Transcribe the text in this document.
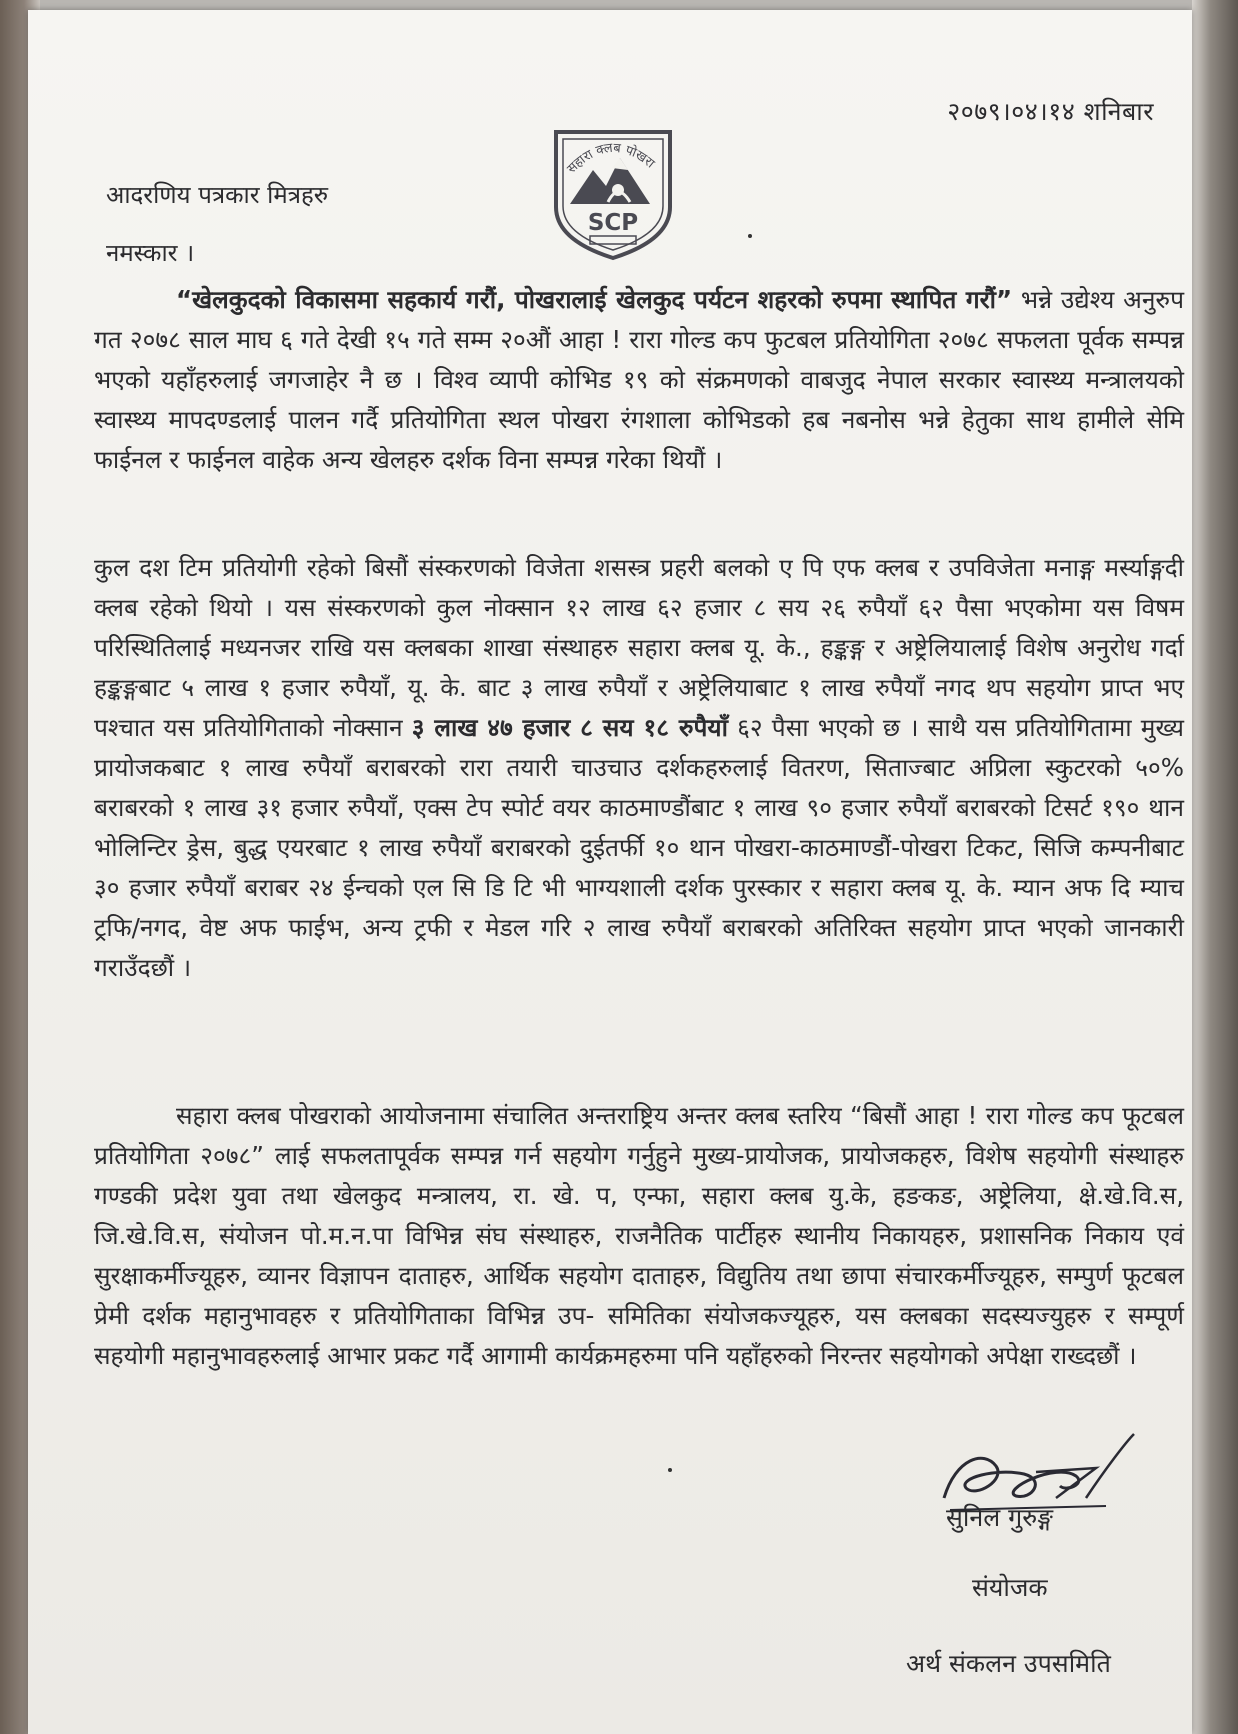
२०७९।०४।१४ शनिबार
सहारा क्लब पोखरा
SCP
आदरणिय पत्रकार मित्रहरु
नमस्कार ।

“खेलकुदको विकासमा सहकार्य गरौं, पोखरालाई खेलकुद पर्यटन शहरको रुपमा स्थापित गरौं” भन्ने उद्येश्य अनुरुप गत २०७८ साल माघ ६ गते देखी १५ गते सम्म २०औं आहा ! रारा गोल्ड कप फुटबल प्रतियोगिता २०७८ सफलता पूर्वक सम्पन्न भएको यहाँहरुलाई जगजाहेर नै छ । विश्व व्यापी कोभिड १९ को संक्रमणको वाबजुद नेपाल सरकार स्वास्थ्य मन्त्रालयको स्वास्थ्य मापदण्डलाई पालन गर्दै प्रतियोगिता स्थल पोखरा रंगशाला कोभिडको हब नबनोस भन्ने हेतुका साथ हामीले सेमि फाईनल र फाईनल वाहेक अन्य खेलहरु दर्शक विना सम्पन्न गरेका थियौं ।

कुल दश टिम प्रतियोगी रहेको बिसौं संस्करणको विजेता शसस्त्र प्रहरी बलको ए पि एफ क्लब र उपविजेता मनाङ्ग मर्स्याङ्गदी क्लब रहेको थियो । यस संस्करणको कुल नोक्सान १२ लाख ६२ हजार ८ सय २६ रुपैयाँ ६२ पैसा भएकोमा यस विषम परिस्थितिलाई मध्यनजर राखि यस क्लबका शाखा संस्थाहरु सहारा क्लब यू. के., हङ्कङ्ग र अष्ट्रेलियालाई विशेष अनुरोध गर्दा हङ्कङ्गबाट ५ लाख १ हजार रुपैयाँ, यू. के. बाट ३ लाख रुपैयाँ र अष्ट्रेलियाबाट १ लाख रुपैयाँ नगद थप सहयोग प्राप्त भए पश्चात यस प्रतियोगिताको नोक्सान ३ लाख ४७ हजार ८ सय १८ रुपैयाँ ६२ पैसा भएको छ । साथै यस प्रतियोगितामा मुख्य प्रायोजकबाट १ लाख रुपैयाँ बराबरको रारा तयारी चाउचाउ दर्शकहरुलाई वितरण, सिताज्बाट अप्रिला स्कुटरको ५०% बराबरको १ लाख ३१ हजार रुपैयाँ, एक्स टेप स्पोर्ट वयर काठमाण्डौंबाट १ लाख ९० हजार रुपैयाँ बराबरको टिसर्ट १९० थान भोलिन्टिर ड्रेस, बुद्ध एयरबाट १ लाख रुपैयाँ बराबरको दुईतर्फी १० थान पोखरा-काठमाण्डौं-पोखरा टिकट, सिजि कम्पनीबाट ३० हजार रुपैयाँ बराबर २४ ईन्चको एल सि डि टि भी भाग्यशाली दर्शक पुरस्कार र सहारा क्लब यू. के. म्यान अफ दि म्याच ट्रफि/नगद, वेष्ट अफ फाईभ, अन्य ट्रफी र मेडल गरि २ लाख रुपैयाँ बराबरको अतिरिक्त सहयोग प्राप्त भएको जानकारी गराउँदछौं ।

सहारा क्लब पोखराको आयोजनामा संचालित अन्तराष्ट्रिय अन्तर क्लब स्तरिय “बिसौं आहा ! रारा गोल्ड कप फूटबल प्रतियोगिता २०७८” लाई सफलतापूर्वक सम्पन्न गर्न सहयोग गर्नुहुने मुख्य-प्रायोजक, प्रायोजकहरु, विशेष सहयोगी संस्थाहरु गण्डकी प्रदेश युवा तथा खेलकुद मन्त्रालय, रा. खे. प, एन्फा, सहारा क्लब यु.के, हङकङ, अष्ट्रेलिया, क्षे.खे.वि.स, जि.खे.वि.स, संयोजन पो.म.न.पा विभिन्न संघ संस्थाहरु, राजनैतिक पार्टीहरु स्थानीय निकायहरु, प्रशासनिक निकाय एवं सुरक्षाकर्मीज्यूहरु, व्यानर विज्ञापन दाताहरु, आर्थिक सहयोग दाताहरु, विद्युतिय तथा छापा संचारकर्मीज्यूहरु, सम्पुर्ण फूटबल प्रेमी दर्शक महानुभावहरु र प्रतियोगिताका विभिन्न उप- समितिका संयोजकज्यूहरु, यस क्लबका सदस्यज्युहरु र सम्पूर्ण सहयोगी महानुभावहरुलाई आभार प्रकट गर्दै आगामी कार्यक्रमहरुमा पनि यहाँहरुको निरन्तर सहयोगको अपेक्षा राख्दछौं ।

सुनिल गुरुङ्ग
संयोजक
अर्थ संकलन उपसमिति
